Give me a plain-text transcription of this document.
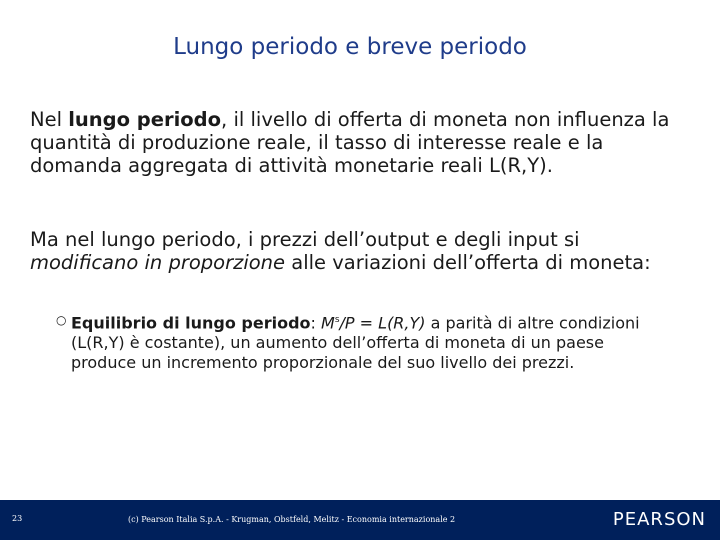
Lungo periodo e breve periodo

Nel lungo periodo, il livello di offerta di moneta non influenza la quantità di produzione reale, il tasso di interesse reale e la domanda aggregata di attività monetarie reali L(R,Y).

Ma nel lungo periodo, i prezzi dell’output e degli input si modificano in proporzione alle variazioni dell’offerta di moneta:

○ Equilibrio di lungo periodo: $M^s/P = L(R,Y)$ a parità di altre condizioni (L(R,Y) è costante), un aumento dell’offerta di moneta di un paese produce un incremento proporzionale del suo livello dei prezzi.
23	(c) Pearson Italia S.p.A. - Krugman, Obstfeld, Melitz - Economia internazionale 2	PEARSON
